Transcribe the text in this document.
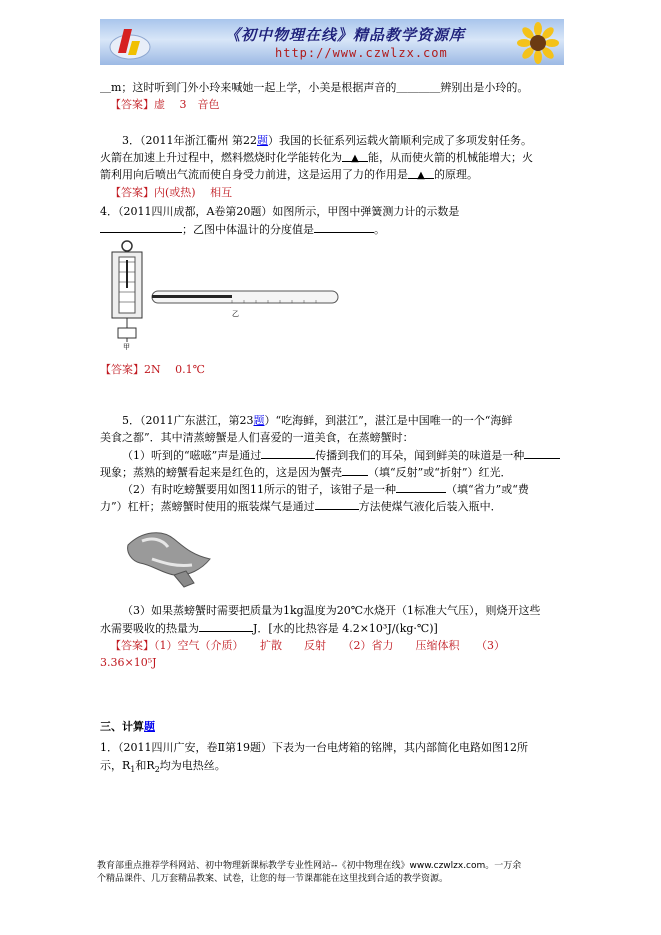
《初中物理在线》精品教学资源库
http://www.czwlzx.com
＿m；这时听到门外小玲来喊她一起上学，小美是根据声音的＿＿＿＿辨别出是小玲的。
【答案】虚　 3　音色
3．（2011年浙江衢州 第22题）我国的长征系列运载火箭顺利完成了多项发射任务。
火箭在加速上升过程中，燃料燃烧时化学能转化为 ▲ 能，从而使火箭的机械能增大；火
箭利用向后喷出气流而使自身受力前进，这是运用了力的作用是 ▲ 的原理。
【答案】内(或热)　 相互
4．（2011四川成都，A卷第20题）如图所示，甲图中弹簧测力计的示数是
；乙图中体温计的分度值是	。
甲
乙
【答案】2N　 0.1℃
5．（2011广东湛江，第23题）“吃海鲜，到湛江”，湛江是中国唯一的一个“海鲜
美食之都”．其中清蒸螃蟹是人们喜爱的一道美食，在蒸螃蟹时：
（1）听到的“嗞嗞”声是通过	传播到我们的耳朵，闻到鲜美的味道是一种
现象；蒸熟的螃蟹看起来是红色的，这是因为蟹壳 （填“反射”或“折射”）红光．
（2）有时吃螃蟹要用如图11所示的钳子，该钳子是一种	（填“省力”或“费
力”）杠杆；蒸螃蟹时使用的瓶装煤气是通过	方法使煤气液化后装入瓶中．
（3）如果蒸螃蟹时需要把质量为1kg温度为20℃水烧开（1标准大气压），则烧开这些
水需要吸收的热量为	J．[水的比热容是 4.2×10³J/(kg·℃)]
【答案】（1）空气（介质）　　扩散　　反射　　（2）省力　　压缩体积　　（3）
3.36×10⁵J
三、计算题
1．（2011四川广安，卷Ⅱ第19题）下表为一台电烤箱的铭牌，其内部简化电路如图12所
示，$R_1$和$R_2$均为电热丝。
教育部重点推荐学科网站、初中物理新课标教学专业性网站--《初中物理在线》www.czwlzx.com。一万余
个精品课件、几万套精品教案、试卷，让您的每一节课都能在这里找到合适的教学资源。
